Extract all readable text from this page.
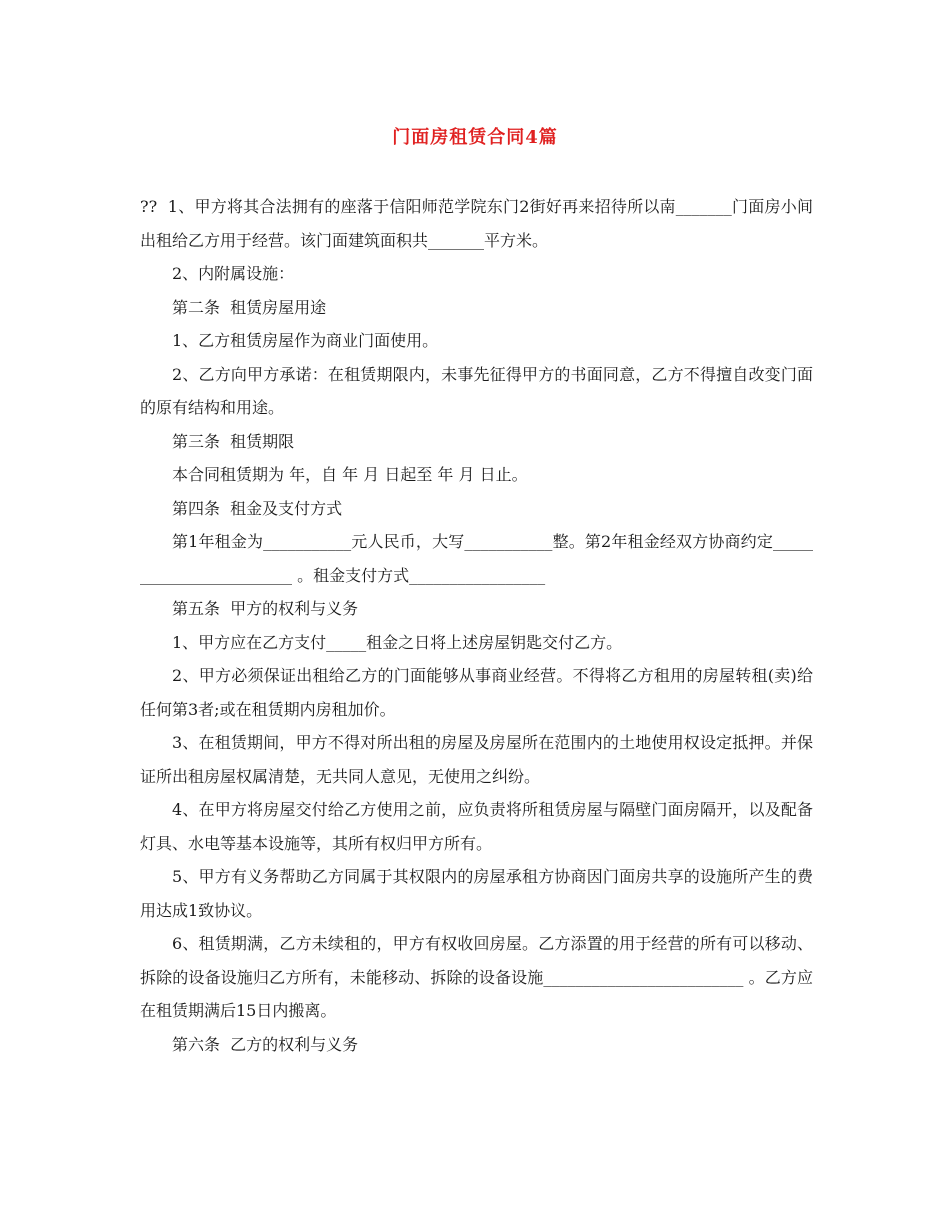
门面房租赁合同4篇

??  1、甲方将其合法拥有的座落于信阳师范学院东门2街好再来招待所以南_______门面房小间出租给乙方用于经营。该门面建筑面积共_______平方米。

2、内附属设施：

第二条  租赁房屋用途

1、乙方租赁房屋作为商业门面使用。

2、乙方向甲方承诺：在租赁期限内，未事先征得甲方的书面同意，乙方不得擅自改变门面的原有结构和用途。

第三条  租赁期限

本合同租赁期为 年，自 年 月 日起至 年 月 日止。

第四条  租金及支付方式

第1年租金为___________元人民币，大写___________整。第2年租金经双方协商约定________________________ 。租金支付方式_________________

第五条  甲方的权利与义务

1、甲方应在乙方支付_____租金之日将上述房屋钥匙交付乙方。

2、甲方必须保证出租给乙方的门面能够从事商业经营。不得将乙方租用的房屋转租(卖)给任何第3者;或在租赁期内房租加价。

3、在租赁期间，甲方不得对所出租的房屋及房屋所在范围内的土地使用权设定抵押。并保证所出租房屋权属清楚，无共同人意见，无使用之纠纷。

4、在甲方将房屋交付给乙方使用之前，应负责将所租赁房屋与隔壁门面房隔开，以及配备灯具、水电等基本设施等，其所有权归甲方所有。

5、甲方有义务帮助乙方同属于其权限内的房屋承租方协商因门面房共享的设施所产生的费用达成1致协议。

6、租赁期满，乙方未续租的，甲方有权收回房屋。乙方添置的用于经营的所有可以移动、拆除的设备设施归乙方所有，未能移动、拆除的设备设施_________________________ 。乙方应在租赁期满后15日内搬离。

第六条  乙方的权利与义务
